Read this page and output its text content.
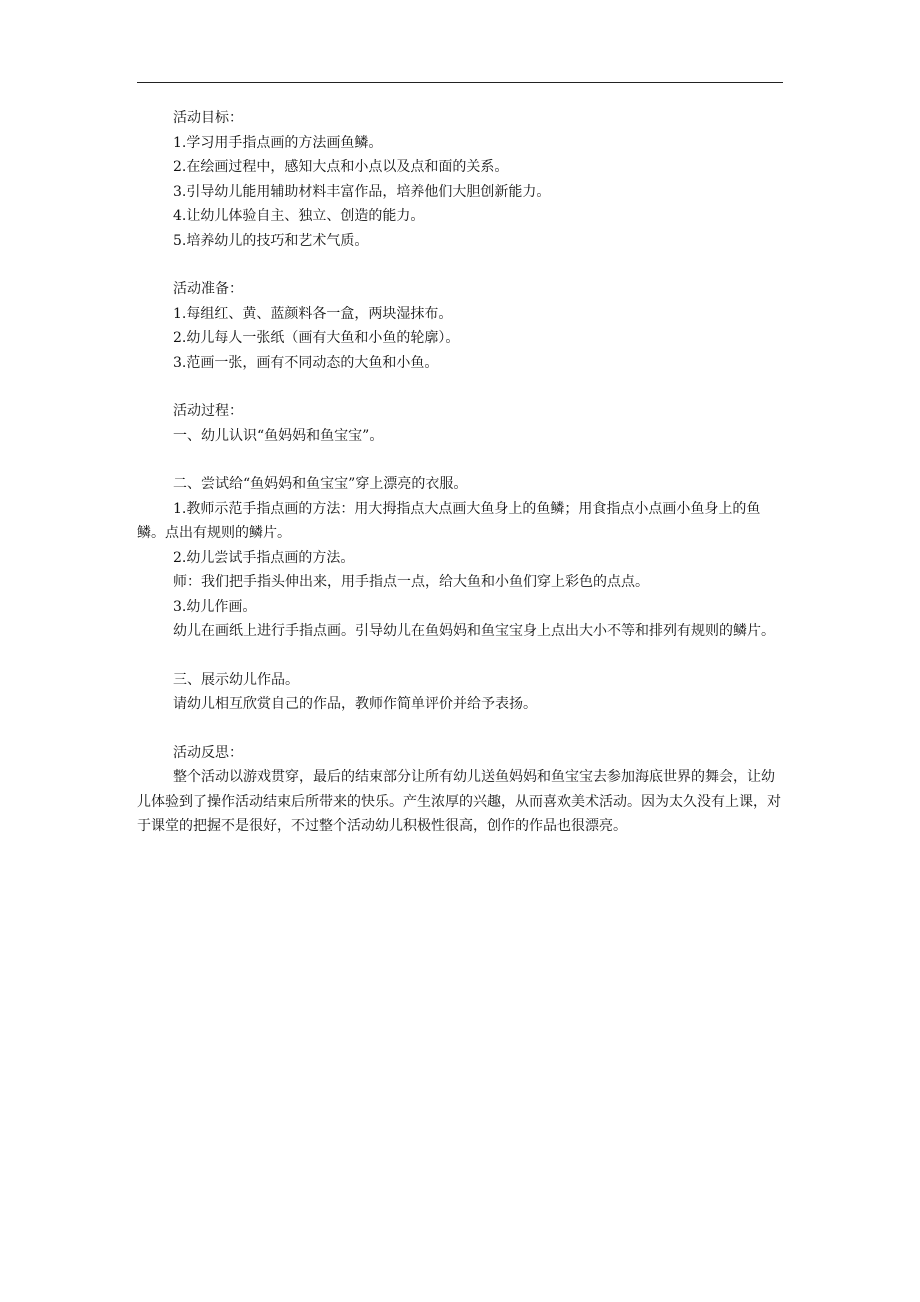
活动目标：

1.学习用手指点画的方法画鱼鳞。

2.在绘画过程中，感知大点和小点以及点和面的关系。

3.引导幼儿能用辅助材料丰富作品，培养他们大胆创新能力。

4.让幼儿体验自主、独立、创造的能力。

5.培养幼儿的技巧和艺术气质。

活动准备：

1.每组红、黄、蓝颜料各一盒，两块湿抹布。

2.幼儿每人一张纸（画有大鱼和小鱼的轮廓）。

3.范画一张，画有不同动态的大鱼和小鱼。

活动过程：

一、幼儿认识“鱼妈妈和鱼宝宝”。

二、尝试给“鱼妈妈和鱼宝宝”穿上漂亮的衣服。

1.教师示范手指点画的方法：用大拇指点大点画大鱼身上的鱼鳞；用食指点小点画小鱼身上的鱼鳞。点出有规则的鳞片。

2.幼儿尝试手指点画的方法。

师：我们把手指头伸出来，用手指点一点，给大鱼和小鱼们穿上彩色的点点。

3.幼儿作画。

幼儿在画纸上进行手指点画。引导幼儿在鱼妈妈和鱼宝宝身上点出大小不等和排列有规则的鳞片。

三、展示幼儿作品。

请幼儿相互欣赏自己的作品，教师作简单评价并给予表扬。

活动反思：

整个活动以游戏贯穿，最后的结束部分让所有幼儿送鱼妈妈和鱼宝宝去参加海底世界的舞会，让幼儿体验到了操作活动结束后所带来的快乐。产生浓厚的兴趣，从而喜欢美术活动。因为太久没有上课，对于课堂的把握不是很好，不过整个活动幼儿积极性很高，创作的作品也很漂亮。
